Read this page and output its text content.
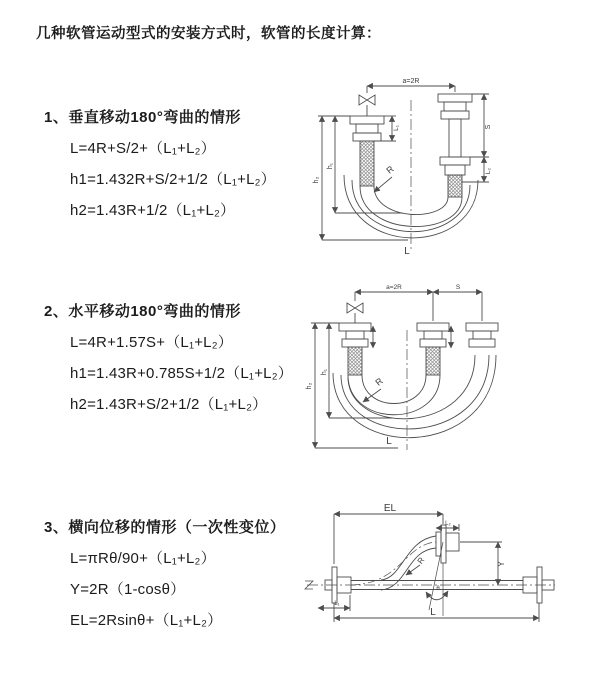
几种软管运动型式的安装方式时，软管的长度计算：
1、垂直移动180°弯曲的情形
L=4R+S/2+（L₁+L₂）
h1=1.432R+S/2+1/2（L₁+L₂）
h2=1.43R+1/2（L₁+L₂）
2、水平移动180°弯曲的情形
L=4R+1.57S+（L₁+L₂）
h1=1.43R+0.785S+1/2（L₁+L₂）
h2=1.43R+S/2+1/2（L₁+L₂）
3、横向位移的情形（一次性变位）
L=πRθ/90+（L₁+L₂）
Y=2R（1-cosθ）
EL=2Rsinθ+（L₁+L₂）
a=2R
L₁	S
L₂
h₂
h₁	R
L
a=2R	S
h₂
h₁
R
L
EL
L₂
Y
R
θ
L₁
L
